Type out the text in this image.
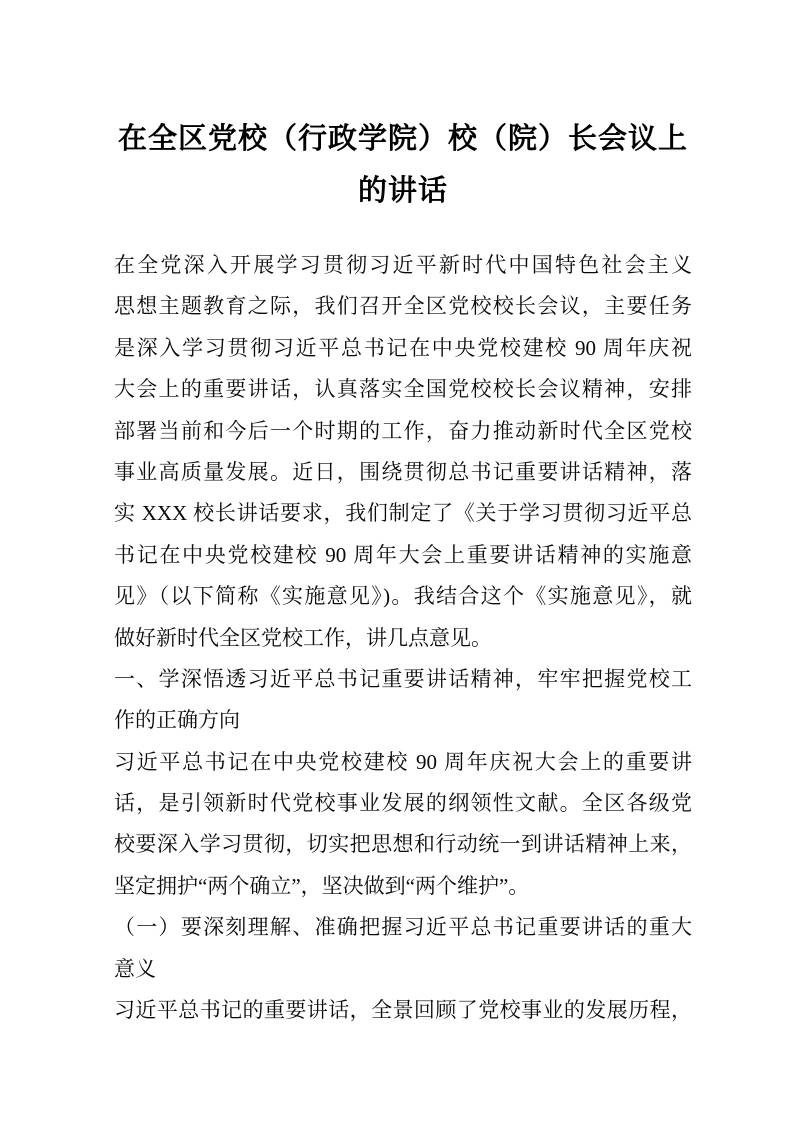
在全区党校（行政学院）校（院）长会议上
的讲话
在全党深入开展学习贯彻习近平新时代中国特色社会主义
思想主题教育之际，我们召开全区党校校长会议，主要任务
是深入学习贯彻习近平总书记在中央党校建校 90 周年庆祝
大会上的重要讲话，认真落实全国党校校长会议精神，安排
部署当前和今后一个时期的工作，奋力推动新时代全区党校
事业高质量发展。近日，围绕贯彻总书记重要讲话精神，落
实 XXX 校长讲话要求，我们制定了《关于学习贯彻习近平总
书记在中央党校建校 90 周年大会上重要讲话精神的实施意
见》（以下简称《实施意见》)。我结合这个《实施意见》，就
做好新时代全区党校工作，讲几点意见。
一、学深悟透习近平总书记重要讲话精神，牢牢把握党校工
作的正确方向
习近平总书记在中央党校建校 90 周年庆祝大会上的重要讲
话，是引领新时代党校事业发展的纲领性文献。全区各级党
校要深入学习贯彻，切实把思想和行动统一到讲话精神上来，
坚定拥护“两个确立”，坚决做到“两个维护”。
（一）要深刻理解、准确把握习近平总书记重要讲话的重大
意义
习近平总书记的重要讲话，全景回顾了党校事业的发展历程，
